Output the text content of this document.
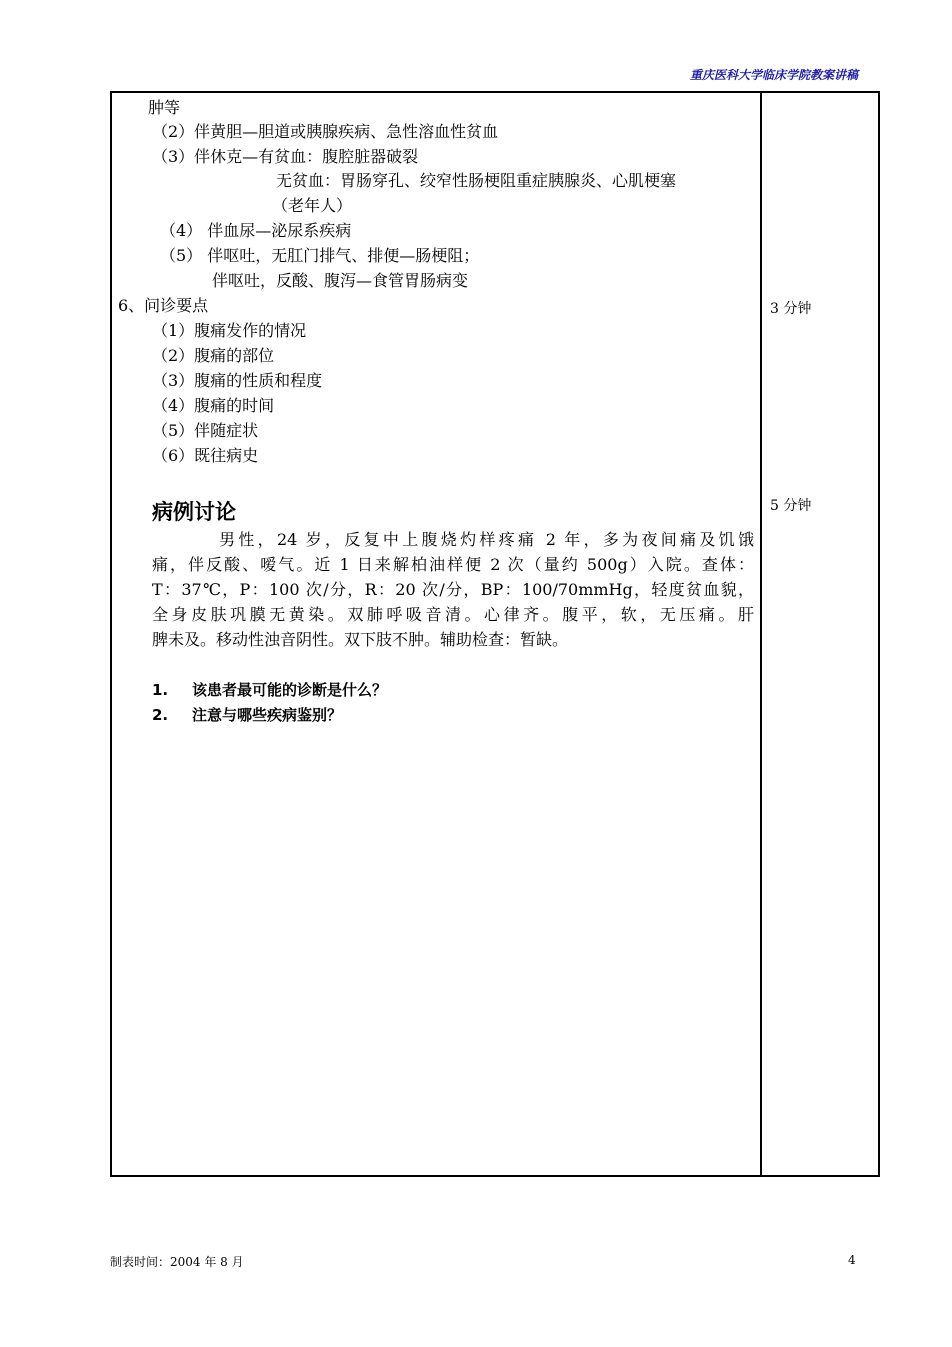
重庆医科大学临床学院教案讲稿
肿等
（2）伴黄胆—胆道或胰腺疾病、急性溶血性贫血
（3）伴休克—有贫血：腹腔脏器破裂
无贫血：胃肠穿孔、绞窄性肠梗阻重症胰腺炎、心肌梗塞
（老年人）
（4） 伴血尿—泌尿系疾病
（5） 伴呕吐，无肛门排气、排便—肠梗阻；
伴呕吐，反酸、腹泻—食管胃肠病变
6、问诊要点
（1）腹痛发作的情况
（2）腹痛的部位
（3）腹痛的性质和程度
（4）腹痛的时间
（5）伴随症状
（6）既往病史
3 分钟
5 分钟
病例讨论
男性，24 岁，反复中上腹烧灼样疼痛 2 年，多为夜间痛及饥饿
痛，伴反酸、嗳气。近 1 日来解柏油样便 2 次（量约 500g）入院。查体：
T：37℃，P：100 次/分，R：20 次/分，BP：100/70mmHg，轻度贫血貌，
全身皮肤巩膜无黄染。双肺呼吸音清。心律齐。腹平，软，无压痛。肝
脾未及。移动性浊音阴性。双下肢不肿。辅助检查：暂缺。
1. 该患者最可能的诊断是什么？
2. 注意与哪些疾病鉴别？
制表时间：2004 年 8 月	4
